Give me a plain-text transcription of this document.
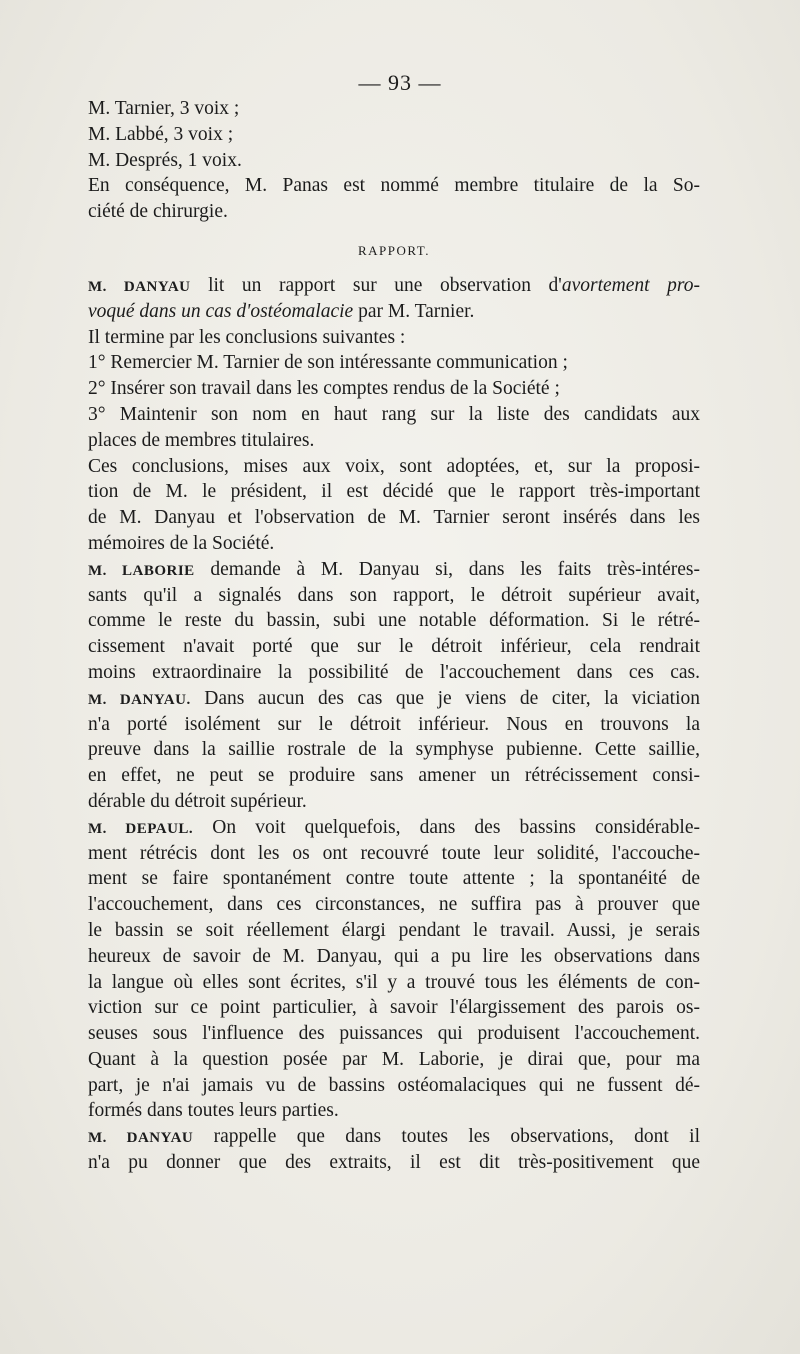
— 93 —
M. Tarnier, 3 voix ;
M. Labbé, 3 voix ;
M. Després, 1 voix.
En conséquence, M. Panas est nommé membre titulaire de la So-
ciété de chirurgie.
RAPPORT.
M. DANYAU lit un rapport sur une observation d'avortement pro-
voqué dans un cas d'ostéomalacie par M. Tarnier.
Il termine par les conclusions suivantes :
1° Remercier M. Tarnier de son intéressante communication ;
2° Insérer son travail dans les comptes rendus de la Société ;
3° Maintenir son nom en haut rang sur la liste des candidats aux
places de membres titulaires.
Ces conclusions, mises aux voix, sont adoptées, et, sur la proposi-
tion de M. le président, il est décidé que le rapport très-important
de M. Danyau et l'observation de M. Tarnier seront insérés dans les
mémoires de la Société.
M. LABORIE demande à M. Danyau si, dans les faits très-intéres-
sants qu'il a signalés dans son rapport, le détroit supérieur avait,
comme le reste du bassin, subi une notable déformation. Si le rétré-
cissement n'avait porté que sur le détroit inférieur, cela rendrait
moins extraordinaire la possibilité de l'accouchement dans ces cas.
M. DANYAU. Dans aucun des cas que je viens de citer, la viciation
n'a porté isolément sur le détroit inférieur. Nous en trouvons la
preuve dans la saillie rostrale de la symphyse pubienne. Cette saillie,
en effet, ne peut se produire sans amener un rétrécissement consi-
dérable du détroit supérieur.
M. DEPAUL. On voit quelquefois, dans des bassins considérable-
ment rétrécis dont les os ont recouvré toute leur solidité, l'accouche-
ment se faire spontanément contre toute attente ; la spontanéité de
l'accouchement, dans ces circonstances, ne suffira pas à prouver que
le bassin se soit réellement élargi pendant le travail. Aussi, je serais
heureux de savoir de M. Danyau, qui a pu lire les observations dans
la langue où elles sont écrites, s'il y a trouvé tous les éléments de con-
viction sur ce point particulier, à savoir l'élargissement des parois os-
seuses sous l'influence des puissances qui produisent l'accouchement.
Quant à la question posée par M. Laborie, je dirai que, pour ma
part, je n'ai jamais vu de bassins ostéomalaciques qui ne fussent dé-
formés dans toutes leurs parties.
M. DANYAU rappelle que dans toutes les observations, dont il
n'a pu donner que des extraits, il est dit très-positivement que
